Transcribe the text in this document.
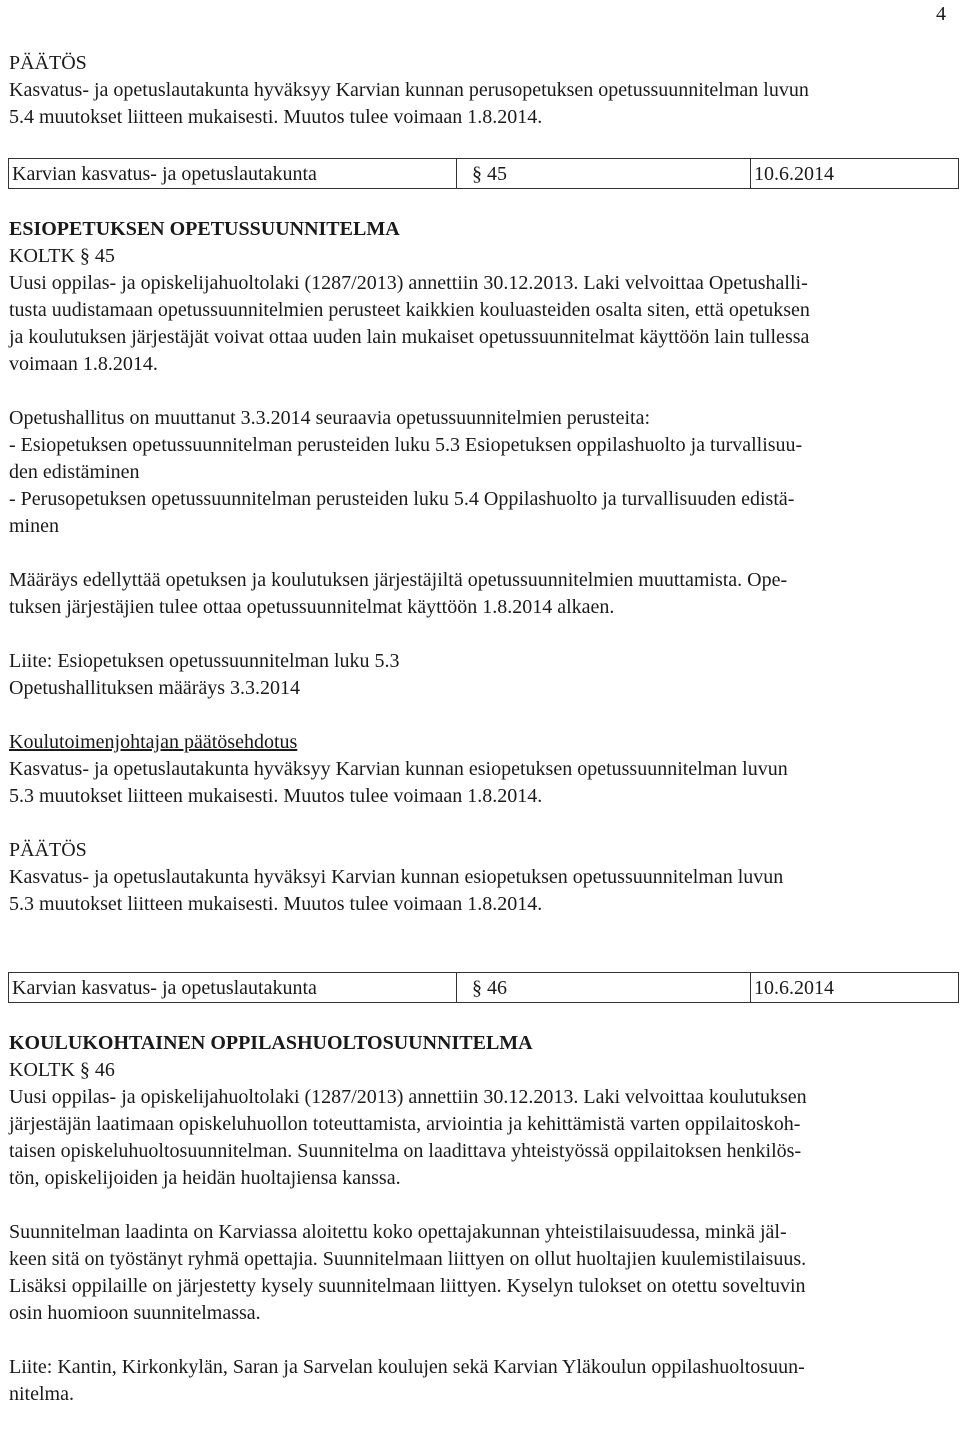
4

PÄÄTÖS

Kasvatus- ja opetuslautakunta hyväksyy Karvian kunnan perusopetuksen opetussuunnitelman luvun

5.4 muutokset liitteen mukaisesti. Muutos tulee voimaan 1.8.2014.

Karvian kasvatus- ja opetuslautakunta	§ 45	10.6.2014

ESIOPETUKSEN OPETUSSUUNNITELMA

KOLTK § 45

Uusi oppilas- ja opiskelijahuoltolaki (1287/2013) annettiin 30.12.2013. Laki velvoittaa Opetushalli-

tusta uudistamaan opetussuunnitelmien perusteet kaikkien kouluasteiden osalta siten, että opetuksen

ja koulutuksen järjestäjät voivat ottaa uuden lain mukaiset opetussuunnitelmat käyttöön lain tullessa

voimaan 1.8.2014.

Opetushallitus on muuttanut 3.3.2014 seuraavia opetussuunnitelmien perusteita:

- Esiopetuksen opetussuunnitelman perusteiden luku 5.3 Esiopetuksen oppilashuolto ja turvallisuu-

den edistäminen

- Perusopetuksen opetussuunnitelman perusteiden luku 5.4 Oppilashuolto ja turvallisuuden edistä-

minen

Määräys edellyttää opetuksen ja koulutuksen järjestäjiltä opetussuunnitelmien muuttamista. Ope-

tuksen järjestäjien tulee ottaa opetussuunnitelmat käyttöön 1.8.2014 alkaen.

Liite: Esiopetuksen opetussuunnitelman luku 5.3

Opetushallituksen määräys 3.3.2014

Koulutoimenjohtajan päätösehdotus

Kasvatus- ja opetuslautakunta hyväksyy Karvian kunnan esiopetuksen opetussuunnitelman luvun

5.3 muutokset liitteen mukaisesti. Muutos tulee voimaan 1.8.2014.

PÄÄTÖS

Kasvatus- ja opetuslautakunta hyväksyi Karvian kunnan esiopetuksen opetussuunnitelman luvun

5.3 muutokset liitteen mukaisesti. Muutos tulee voimaan 1.8.2014.

Karvian kasvatus- ja opetuslautakunta	§ 46	10.6.2014

KOULUKOHTAINEN OPPILASHUOLTOSUUNNITELMA

KOLTK § 46

Uusi oppilas- ja opiskelijahuoltolaki (1287/2013) annettiin 30.12.2013. Laki velvoittaa koulutuksen

järjestäjän laatimaan opiskeluhuollon toteuttamista, arviointia ja kehittämistä varten oppilaitoskoh-

taisen opiskeluhuoltosuunnitelman. Suunnitelma on laadittava yhteistyössä oppilaitoksen henkilös-

tön, opiskelijoiden ja heidän huoltajiensa kanssa.

Suunnitelman laadinta on Karviassa aloitettu koko opettajakunnan yhteistilaisuudessa, minkä jäl-

keen sitä on työstänyt ryhmä opettajia. Suunnitelmaan liittyen on ollut huoltajien kuulemistilaisuus.

Lisäksi oppilaille on järjestetty kysely suunnitelmaan liittyen. Kyselyn tulokset on otettu soveltuvin

osin huomioon suunnitelmassa.

Liite: Kantin, Kirkonkylän, Saran ja Sarvelan koulujen sekä Karvian Yläkoulun oppilashuoltosuun-

nitelma.
